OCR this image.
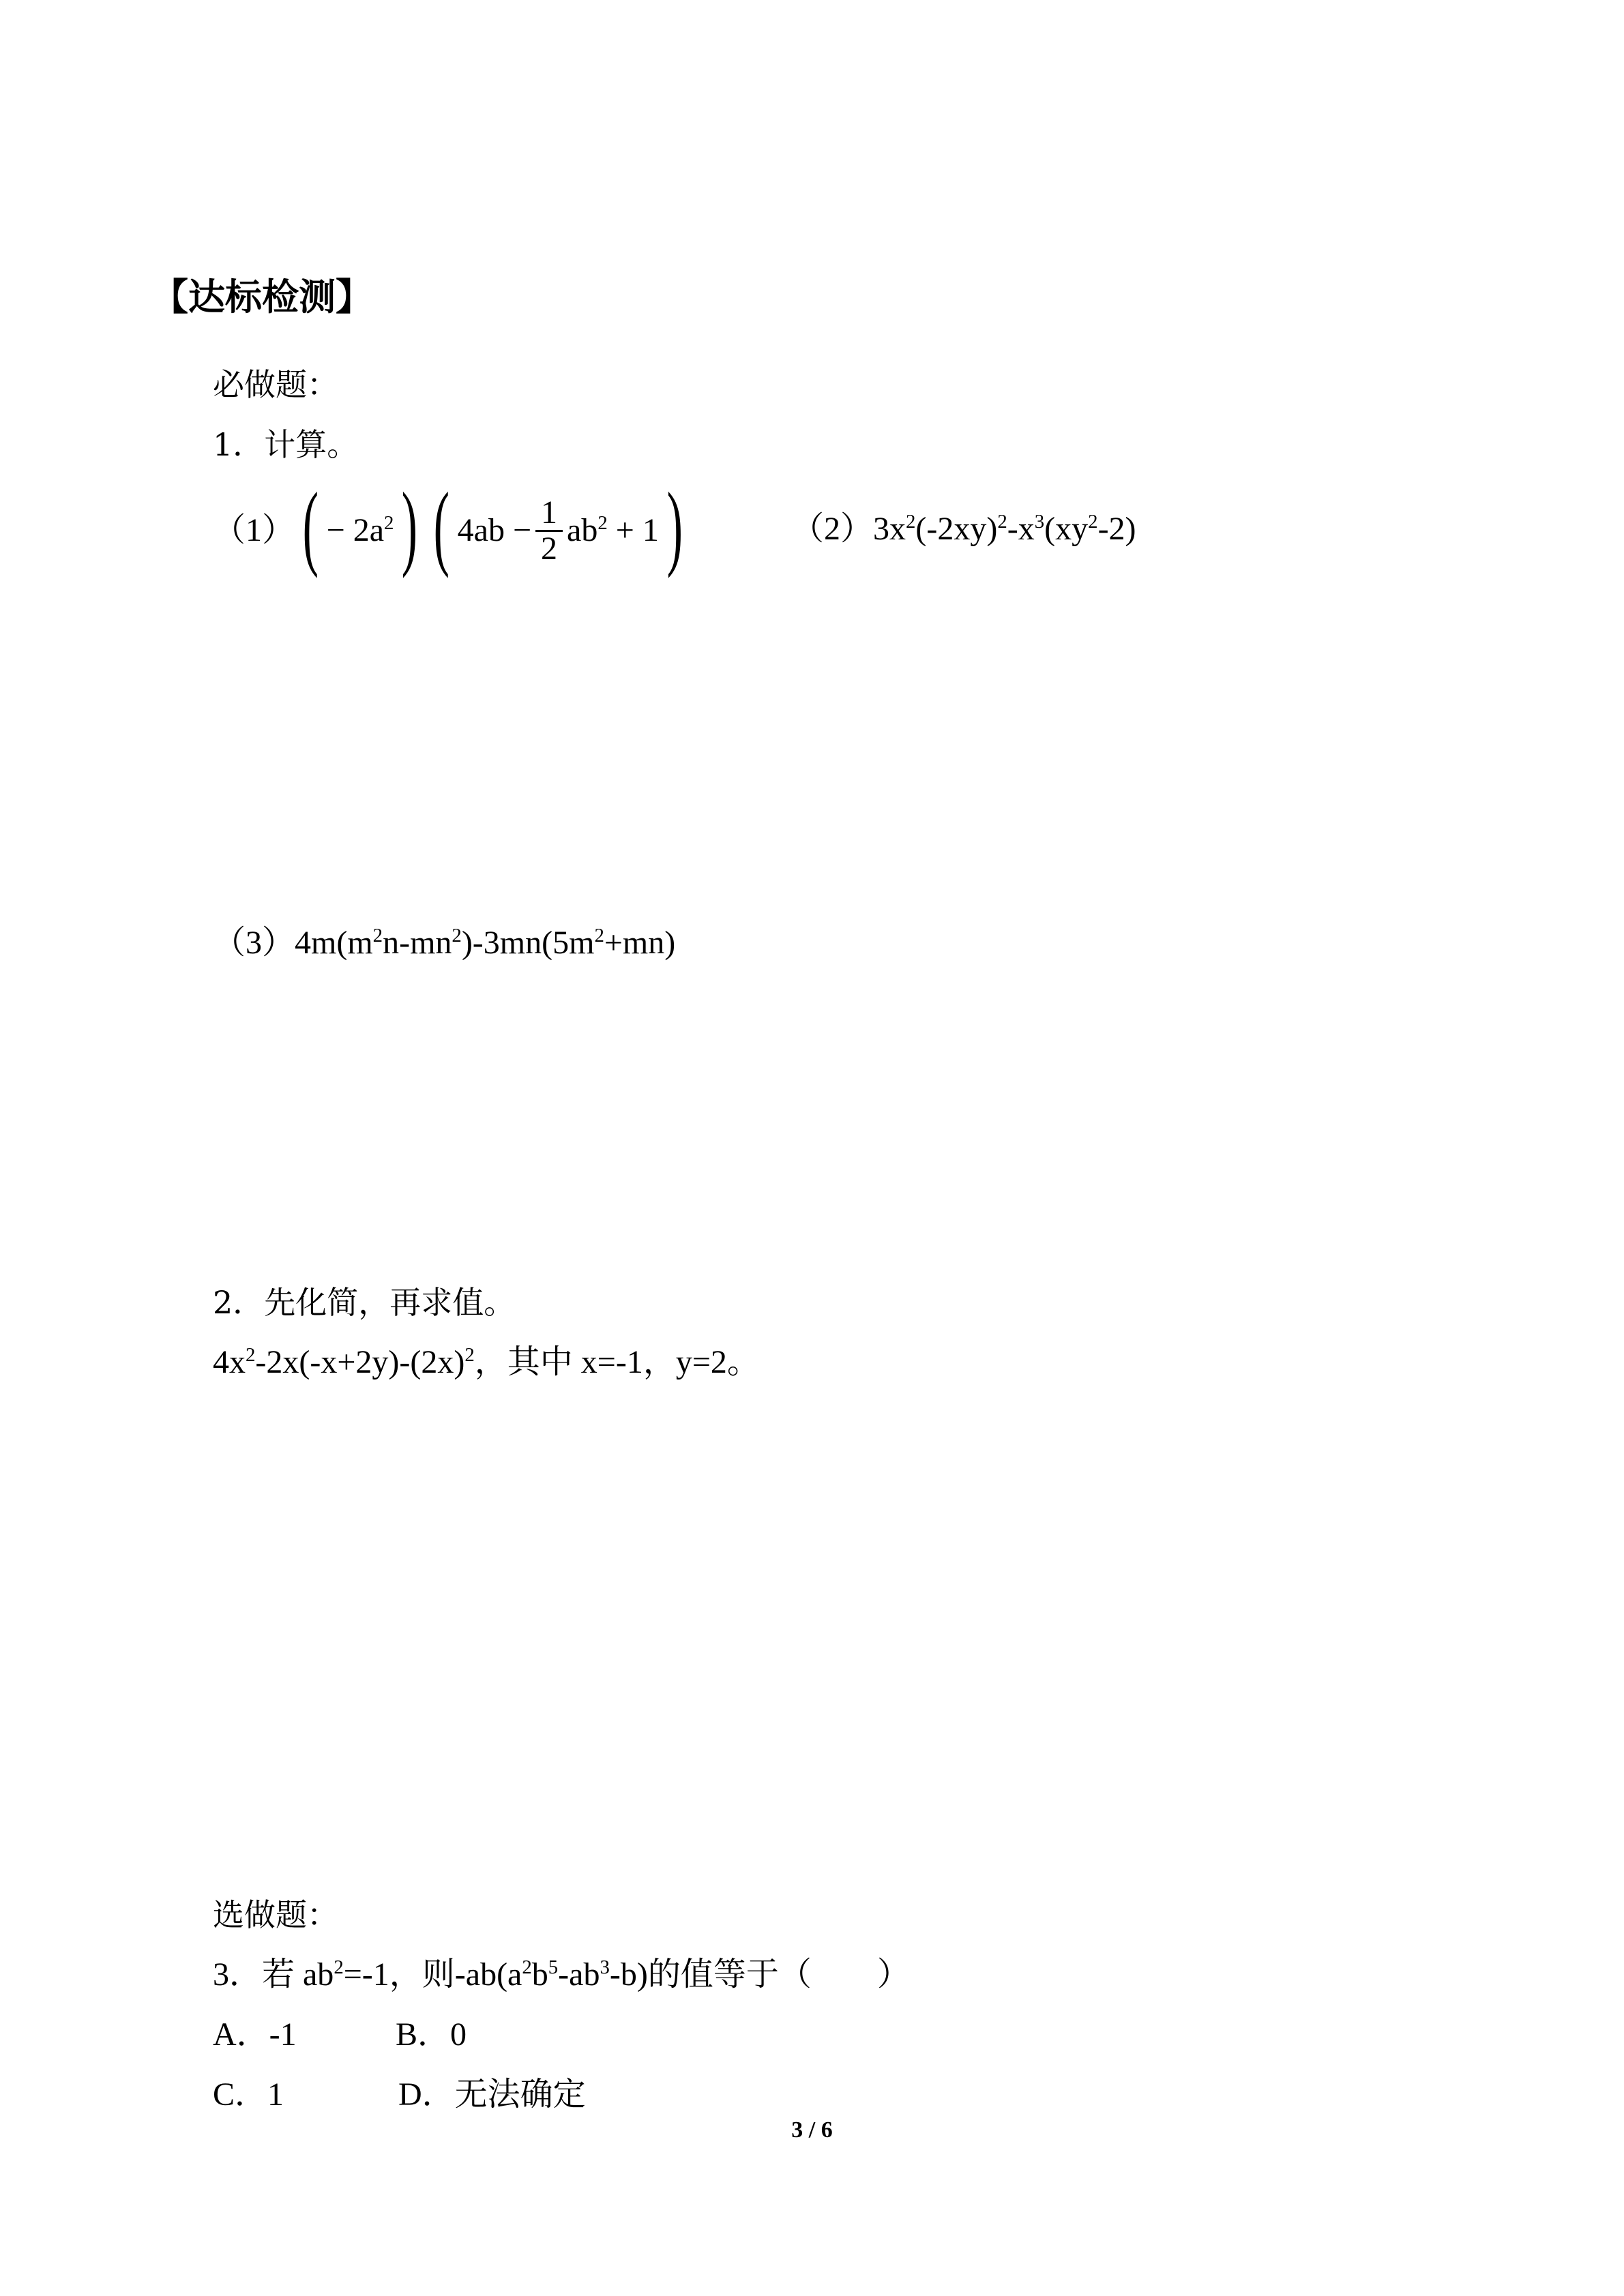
【达标检测】
必做题：
1．计算。
$(1)( - 2a^2)$ ( $4ab - \frac{1}{2} ab^2 + 1$)	$(2)3x^2(-2xy)^2-x^3(xy^2-2)$
$(3)4m(m^2n-mn^2)-3mn(5m^2+mn)$
2．先化简，再求值。
$4x^2-2x(-x+2y)-(2x)^2$，其中 x=-1，y=2。
选做题：
3．若 $ab^2=-1$，则$-ab(a^2b^5-ab^3-b)$的值等于（　　）
A．-1	B．0
C．1	D．无法确定
3 / 6
